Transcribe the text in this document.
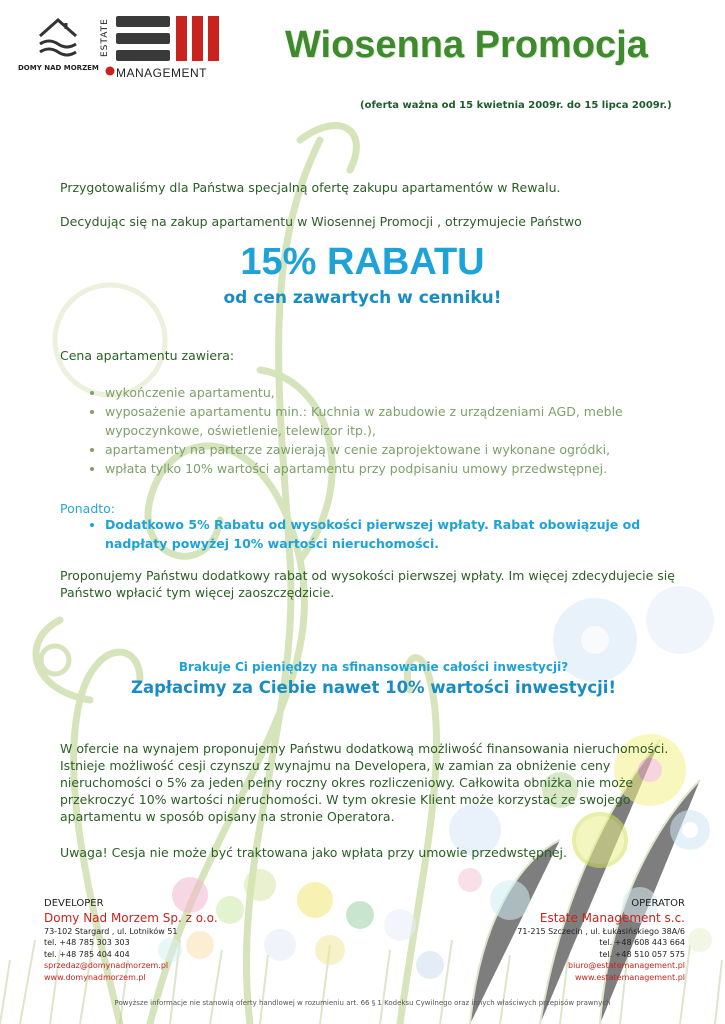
DOMY NAD MORZEM
ESTATE
MANAGEMENT
Wiosenna Promocja
(oferta ważna od 15 kwietnia 2009r. do 15 lipca 2009r.)
Przygotowaliśmy dla Państwa specjalną ofertę zakupu apartamentów w Rewalu.
Decydując się na zakup apartamentu w Wiosennej Promocji , otrzymujecie Państwo
15% RABATU
od cen zawartych w cenniku!
Cena apartamentu zawiera:
• wykończenie apartamentu,
• wyposażenie apartamentu min.: Kuchnia w zabudowie z urządzeniami AGD, meble wypoczynkowe, oświetlenie, telewizor itp.),
• apartamenty na parterze zawierają w cenie zaprojektowane i wykonane ogródki,
• wpłata tylko 10% wartości apartamentu przy podpisaniu umowy przedwstępnej.
Ponadto:
• Dodatkowo 5% Rabatu od wysokości pierwszej wpłaty. Rabat obowiązuje od nadpłaty powyżej 10% wartości nieruchomości.
Proponujemy Państwu dodatkowy rabat od wysokości pierwszej wpłaty. Im więcej zdecydujecie się Państwo wpłacić tym więcej zaoszczędzicie.
Brakuje Ci pieniędzy na sfinansowanie całości inwestycji?
Zapłacimy za Ciebie nawet 10% wartości inwestycji!
W ofercie na wynajem proponujemy Państwu dodatkową możliwość finansowania nieruchomości. Istnieje możliwość cesji czynszu z wynajmu na Developera, w zamian za obniżenie ceny nieruchomości o 5% za jeden pełny roczny okres rozliczeniowy. Całkowita obniżka nie może przekroczyć 10% wartości nieruchomości. W tym okresie Klient może korzystać ze swojego apartamentu w sposób opisany na stronie Operatora.
Uwaga! Cesja nie może być traktowana jako wpłata przy umowie przedwstępnej.
DEVELOPER
Domy Nad Morzem Sp. z o.o.
73-102 Stargard , ul. Lotników 51
tel. +48 785 303 303
tel. +48 785 404 404
sprzedaz@domynadmorzem.pl
www.domynadmorzem.pl
OPERATOR
Estate Management s.c.
71-215 Szczecin , ul. Łukasińskiego 38A/6
tel. +48 608 443 664
tel. +48 510 057 575
biuro@estatemanagement.pl
www.estatemanagement.pl
Powyższe informacje nie stanowią oferty handlowej w rozumieniu art. 66 § 1 Kodeksu Cywilnego oraz innych właściwych przepisów prawnych
